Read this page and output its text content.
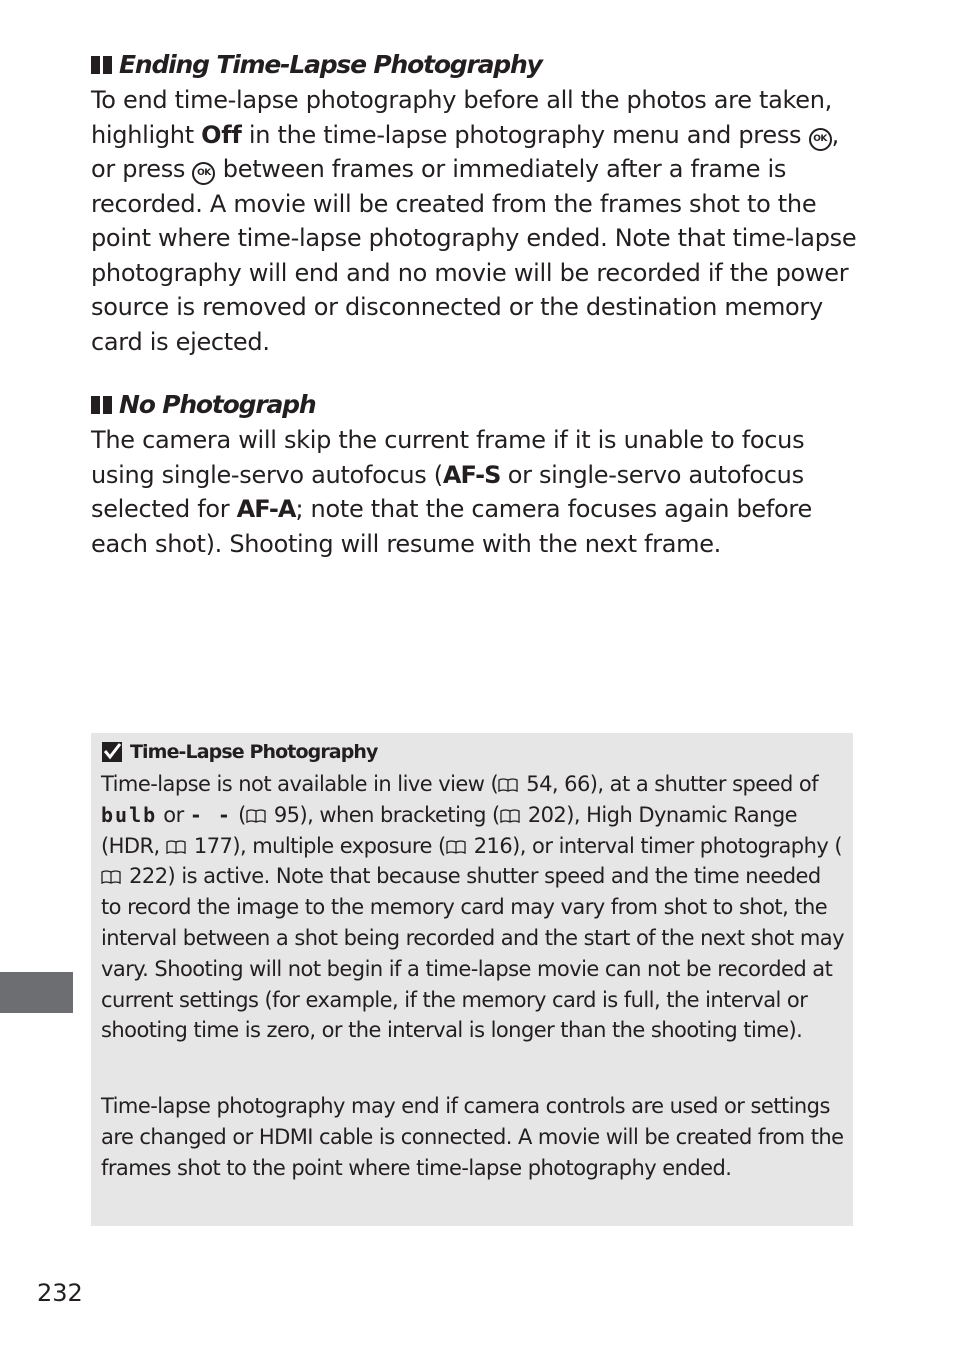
Ending Time-Lapse Photography

To end time-lapse photography before all the photos are taken, highlight Off in the time-lapse photography menu and press OK , or press OK between frames or immediately after a frame is recorded. A movie will be created from the frames shot to the point where time-lapse photography ended. Note that time-lapse photography will end and no movie will be recorded if the power source is removed or disconnected or the destination memory card is ejected.

No Photograph

The camera will skip the current frame if it is unable to focus using single-servo autofocus (AF-S or single-servo autofocus selected for AF-A; note that the camera focuses again before each shot). Shooting will resume with the next frame.

Time-Lapse Photography

Time-lapse is not available in live view ( 54, 66), at a shutter speed of bulb or - - ( 95), when bracketing ( 202), High Dynamic Range (HDR,  177), multiple exposure ( 216), or interval timer photography ( 222) is active. Note that because shutter speed and the time needed to record the image to the memory card may vary from shot to shot, the interval between a shot being recorded and the start of the next shot may vary. Shooting will not begin if a time-lapse movie can not be recorded at current settings (for example, if the memory card is full, the interval or shooting time is zero, or the interval is longer than the shooting time).

Time-lapse photography may end if camera controls are used or settings are changed or HDMI cable is connected. A movie will be created from the frames shot to the point where time-lapse photography ended.

232
